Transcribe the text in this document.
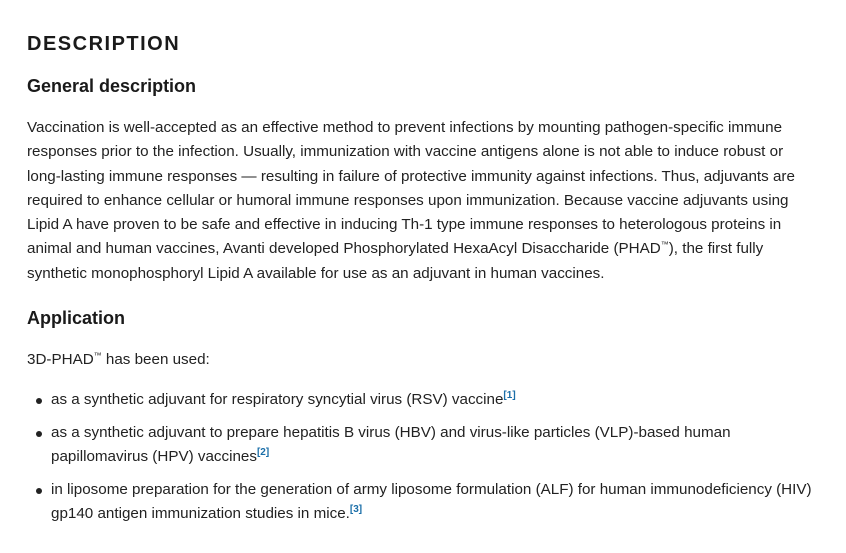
DESCRIPTION
General description

Vaccination is well-accepted as an effective method to prevent infections by mounting pathogen-specific immune responses prior to the infection. Usually, immunization with vaccine antigens alone is not able to induce robust or long-lasting immune responses — resulting in failure of protective immunity against infections. Thus, adjuvants are required to enhance cellular or humoral immune responses upon immunization. Because vaccine adjuvants using Lipid A have proven to be safe and effective in inducing Th-1 type immune responses to heterologous proteins in animal and human vaccines, Avanti developed Phosphorylated HexaAcyl Disaccharide (PHAD™), the first fully synthetic monophosphoryl Lipid A available for use as an adjuvant in human vaccines.

Application

3D-PHAD™ has been used:

as a synthetic adjuvant for respiratory syncytial virus (RSV) vaccine[1]
as a synthetic adjuvant to prepare hepatitis B virus (HBV) and virus-like particles (VLP)-based human papillomavirus (HPV) vaccines[2]
in liposome preparation for the generation of army liposome formulation (ALF) for human immunodeficiency (HIV) gp140 antigen immunization studies in mice.[3]
